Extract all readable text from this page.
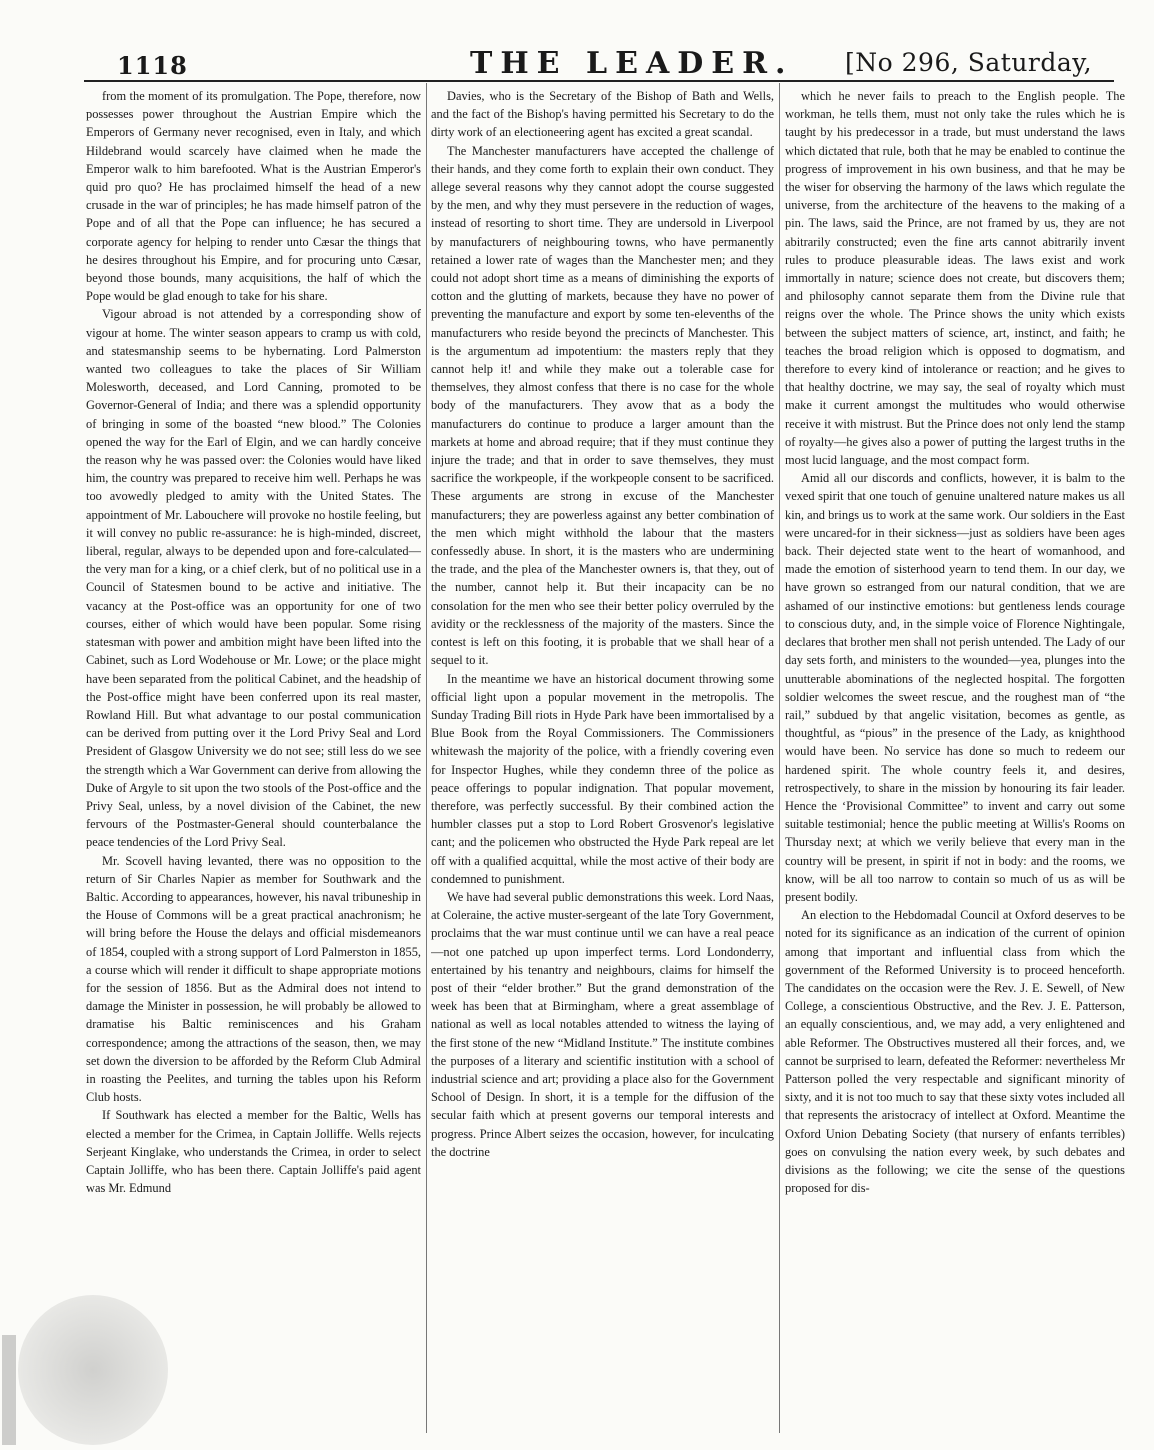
1118	THE LEADER. [No 296, Saturday,

from the moment of its promulgation. The Pope, therefore, now possesses power throughout the Austrian Empire which the Emperors of Germany never recognised, even in Italy, and which Hildebrand would scarcely have claimed when he made the Emperor walk to him barefooted. What is the Austrian Emperor's quid pro quo? He has proclaimed himself the head of a new crusade in the war of principles; he has made himself patron of the Pope and of all that the Pope can influence; he has secured a corporate agency for helping to render unto Cæsar the things that he desires throughout his Empire, and for procuring unto Cæsar, beyond those bounds, many acquisitions, the half of which the Pope would be glad enough to take for his share.

Vigour abroad is not attended by a corresponding show of vigour at home. The winter season appears to cramp us with cold, and statesmanship seems to be hybernating. Lord Palmerston wanted two colleagues to take the places of Sir William Molesworth, deceased, and Lord Canning, promoted to be Governor-General of India; and there was a splendid opportunity of bringing in some of the boasted “new blood.” The Colonies opened the way for the Earl of Elgin, and we can hardly conceive the reason why he was passed over: the Colonies would have liked him, the country was prepared to receive him well. Perhaps he was too avowedly pledged to amity with the United States. The appointment of Mr. Labouchere will provoke no hostile feeling, but it will convey no public re-assurance: he is high-minded, discreet, liberal, regular, always to be depended upon and fore-calculated—the very man for a king, or a chief clerk, but of no political use in a Council of Statesmen bound to be active and initiative. The vacancy at the Post-office was an opportunity for one of two courses, either of which would have been popular. Some rising statesman with power and ambition might have been lifted into the Cabinet, such as Lord Wodehouse or Mr. Lowe; or the place might have been separated from the political Cabinet, and the headship of the Post-office might have been conferred upon its real master, Rowland Hill. But what advantage to our postal communication can be derived from putting over it the Lord Privy Seal and Lord President of Glasgow University we do not see; still less do we see the strength which a War Government can derive from allowing the Duke of Argyle to sit upon the two stools of the Post-office and the Privy Seal, unless, by a novel division of the Cabinet, the new fervours of the Postmaster-General should counterbalance the peace tendencies of the Lord Privy Seal.

Mr. Scovell having levanted, there was no opposition to the return of Sir Charles Napier as member for Southwark and the Baltic. According to appearances, however, his naval tribuneship in the House of Commons will be a great practical anachronism; he will bring before the House the delays and official misdemeanors of 1854, coupled with a strong support of Lord Palmerston in 1855, a course which will render it difficult to shape appropriate motions for the session of 1856. But as the Admiral does not intend to damage the Minister in possession, he will probably be allowed to dramatise his Baltic reminiscences and his Graham correspondence; among the attractions of the season, then, we may set down the diversion to be afforded by the Reform Club Admiral in roasting the Peelites, and turning the tables upon his Reform Club hosts.

If Southwark has elected a member for the Baltic, Wells has elected a member for the Crimea, in Captain Jolliffe. Wells rejects Serjeant Kinglake, who understands the Crimea, in order to select Captain Jolliffe, who has been there. Captain Jolliffe's paid agent was Mr. Edmund

Davies, who is the Secretary of the Bishop of Bath and Wells, and the fact of the Bishop's having permitted his Secretary to do the dirty work of an electioneering agent has excited a great scandal.

The Manchester manufacturers have accepted the challenge of their hands, and they come forth to explain their own conduct. They allege several reasons why they cannot adopt the course suggested by the men, and why they must persevere in the reduction of wages, instead of resorting to short time. They are undersold in Liverpool by manufacturers of neighbouring towns, who have permanently retained a lower rate of wages than the Manchester men; and they could not adopt short time as a means of diminishing the exports of cotton and the glutting of markets, because they have no power of preventing the manufacture and export by some ten-elevenths of the manufacturers who reside beyond the precincts of Manchester. This is the argumentum ad impotentium: the masters reply that they cannot help it! and while they make out a tolerable case for themselves, they almost confess that there is no case for the whole body of the manufacturers. They avow that as a body the manufacturers do continue to produce a larger amount than the markets at home and abroad require; that if they must continue they injure the trade; and that in order to save themselves, they must sacrifice the workpeople, if the workpeople consent to be sacrificed. These arguments are strong in excuse of the Manchester manufacturers; they are powerless against any better combination of the men which might withhold the labour that the masters confessedly abuse. In short, it is the masters who are undermining the trade, and the plea of the Manchester owners is, that they, out of the number, cannot help it. But their incapacity can be no consolation for the men who see their better policy overruled by the avidity or the recklessness of the majority of the masters. Since the contest is left on this footing, it is probable that we shall hear of a sequel to it.

In the meantime we have an historical document throwing some official light upon a popular movement in the metropolis. The Sunday Trading Bill riots in Hyde Park have been immortalised by a Blue Book from the Royal Commissioners. The Commissioners whitewash the majority of the police, with a friendly covering even for Inspector Hughes, while they condemn three of the police as peace offerings to popular indignation. That popular movement, therefore, was perfectly successful. By their combined action the humbler classes put a stop to Lord Robert Grosvenor's legislative cant; and the policemen who obstructed the Hyde Park repeal are let off with a qualified acquittal, while the most active of their body are condemned to punishment.

We have had several public demonstrations this week. Lord Naas, at Coleraine, the active muster-sergeant of the late Tory Government, proclaims that the war must continue until we can have a real peace—not one patched up upon imperfect terms. Lord Londonderry, entertained by his tenantry and neighbours, claims for himself the post of their “elder brother.” But the grand demonstration of the week has been that at Birmingham, where a great assemblage of national as well as local notables attended to witness the laying of the first stone of the new “Midland Institute.” The institute combines the purposes of a literary and scientific institution with a school of industrial science and art; providing a place also for the Government School of Design. In short, it is a temple for the diffusion of the secular faith which at present governs our temporal interests and progress. Prince Albert seizes the occasion, however, for inculcating the doctrine

which he never fails to preach to the English people. The workman, he tells them, must not only take the rules which he is taught by his predecessor in a trade, but must understand the laws which dictated that rule, both that he may be enabled to continue the progress of improvement in his own business, and that he may be the wiser for observing the harmony of the laws which regulate the universe, from the architecture of the heavens to the making of a pin. The laws, said the Prince, are not framed by us, they are not abitrarily constructed; even the fine arts cannot abitrarily invent rules to produce pleasurable ideas. The laws exist and work immortally in nature; science does not create, but discovers them; and philosophy cannot separate them from the Divine rule that reigns over the whole. The Prince shows the unity which exists between the subject matters of science, art, instinct, and faith; he teaches the broad religion which is opposed to dogmatism, and therefore to every kind of intolerance or reaction; and he gives to that healthy doctrine, we may say, the seal of royalty which must make it current amongst the multitudes who would otherwise receive it with mistrust. But the Prince does not only lend the stamp of royalty—he gives also a power of putting the largest truths in the most lucid language, and the most compact form.

Amid all our discords and conflicts, however, it is balm to the vexed spirit that one touch of genuine unaltered nature makes us all kin, and brings us to work at the same work. Our soldiers in the East were uncared-for in their sickness—just as soldiers have been ages back. Their dejected state went to the heart of womanhood, and made the emotion of sisterhood yearn to tend them. In our day, we have grown so estranged from our natural condition, that we are ashamed of our instinctive emotions: but gentleness lends courage to conscious duty, and, in the simple voice of Florence Nightingale, declares that brother men shall not perish untended. The Lady of our day sets forth, and ministers to the wounded—yea, plunges into the unutterable abominations of the neglected hospital. The forgotten soldier welcomes the sweet rescue, and the roughest man of “the rail,” subdued by that angelic visitation, becomes as gentle, as thoughtful, as “pious” in the presence of the Lady, as knighthood would have been. No service has done so much to redeem our hardened spirit. The whole country feels it, and desires, retrospectively, to share in the mission by honouring its fair leader. Hence the ‘Provisional Committee” to invent and carry out some suitable testimonial; hence the public meeting at Willis's Rooms on Thursday next; at which we verily believe that every man in the country will be present, in spirit if not in body: and the rooms, we know, will be all too narrow to contain so much of us as will be present bodily.

An election to the Hebdomadal Council at Oxford deserves to be noted for its significance as an indication of the current of opinion among that important and influential class from which the government of the Reformed University is to proceed henceforth. The candidates on the occasion were the Rev. J. E. Sewell, of New College, a conscientious Obstructive, and the Rev. J. E. Patterson, an equally conscientious, and, we may add, a very enlightened and able Reformer. The Obstructives mustered all their forces, and, we cannot be surprised to learn, defeated the Reformer: nevertheless Mr Patterson polled the very respectable and significant minority of sixty, and it is not too much to say that these sixty votes included all that represents the aristocracy of intellect at Oxford. Meantime the Oxford Union Debating Society (that nursery of enfants terribles) goes on convulsing the nation every week, by such debates and divisions as the following; we cite the sense of the questions proposed for dis-
